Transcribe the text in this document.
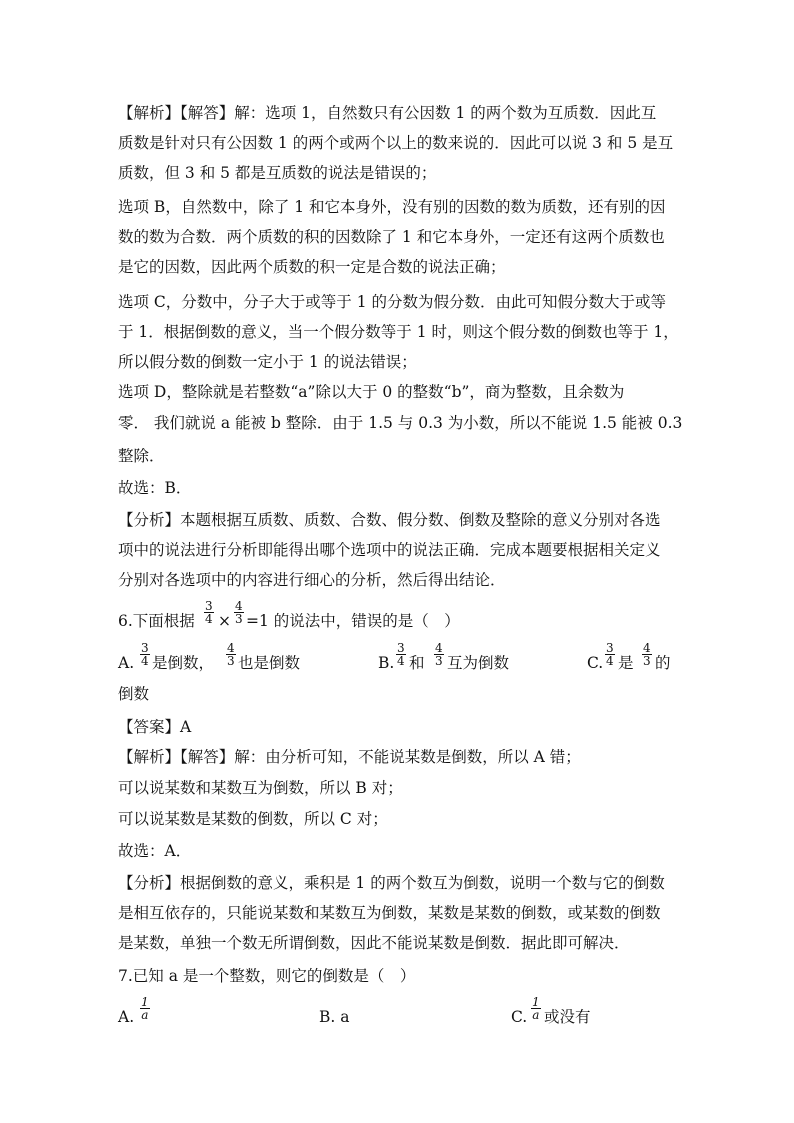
【解析】【解答】解：选项 1，自然数只有公因数 1 的两个数为互质数．因此互
质数是针对只有公因数 1 的两个或两个以上的数来说的．因此可以说 3 和 5 是互
质数，但 3 和 5 都是互质数的说法是错误的；
选项 B，自然数中，除了 1 和它本身外，没有别的因数的数为质数，还有别的因
数的数为合数．两个质数的积的因数除了 1 和它本身外，一定还有这两个质数也
是它的因数，因此两个质数的积一定是合数的说法正确；
选项 C，分数中，分子大于或等于 1 的分数为假分数．由此可知假分数大于或等
于 1．根据倒数的意义，当一个假分数等于 1 时，则这个假分数的倒数也等于 1，
所以假分数的倒数一定小于 1 的说法错误；
选项 D，整除就是若整数“a”除以大于 0 的整数“b”，商为整数，且余数为
零． 我们就说 a 能被 b 整除．由于 1.5 与 0.3 为小数，所以不能说 1.5 能被 0.3
整除．
故选：B．
【分析】本题根据互质数、质数、合数、假分数、倒数及整除的意义分别对各选
项中的说法进行分析即能得出哪个选项中的说法正确．完成本题要根据相关定义
分别对各选项中的内容进行细心的分析，然后得出结论．
6.下面根据 $\frac{3}{4} \times \frac{4}{3} =1$ 的说法中，错误的是（　）
A. $\frac{3}{4}$ 是倒数， $\frac{4}{3}$ 也是倒数	B. $\frac{3}{4}$ 和 $\frac{4}{3}$ 互为倒数	C. $\frac{3}{4}$ 是 $\frac{4}{3}$ 的
倒数
【答案】A
【解析】【解答】解：由分析可知，不能说某数是倒数，所以 A 错；
可以说某数和某数互为倒数，所以 B 对；
可以说某数是某数的倒数，所以 C 对；
故选：A．
【分析】根据倒数的意义，乘积是 1 的两个数互为倒数，说明一个数与它的倒数
是相互依存的，只能说某数和某数互为倒数，某数是某数的倒数，或某数的倒数
是某数，单独一个数无所谓倒数，因此不能说某数是倒数．据此即可解决．
7.已知 a 是一个整数，则它的倒数是（　）
A. $\frac{1}{a}$	B. a	C. $\frac{1}{a}$ 或没有
